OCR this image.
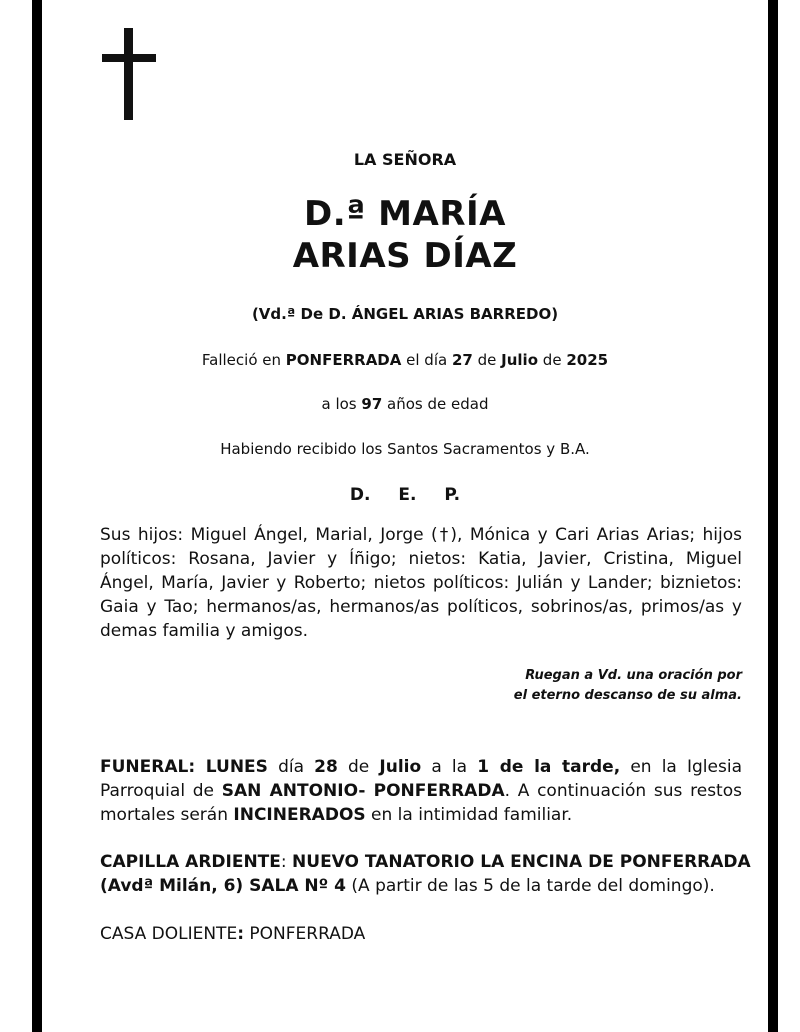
LA SEÑORA
D.ª MARÍA
ARIAS DÍAZ
(Vd.ª De D. ÁNGEL ARIAS BARREDO)
Falleció en PONFERRADA el día 27 de Julio de 2025
a los 97 años de edad
Habiendo recibido los Santos Sacramentos y B.A.
D. E. P.
Sus hijos: Miguel Ángel, Marial, Jorge (†), Mónica y Cari Arias Arias; hijos políticos: Rosana, Javier y Íñigo; nietos: Katia, Javier, Cristina, Miguel Ángel, María, Javier y Roberto; nietos políticos: Julián y Lander; biznietos: Gaia y Tao; hermanos/as, hermanos/as políticos, sobrinos/as, primos/as y demas familia y amigos.
Ruegan a Vd. una oración por
el eterno descanso de su alma.
FUNERAL: LUNES día 28 de Julio a la 1 de la tarde, en la Iglesia Parroquial de SAN ANTONIO- PONFERRADA. A continuación sus restos mortales serán INCINERADOS en la intimidad familiar.
CAPILLA ARDIENTE: NUEVO TANATORIO LA ENCINA DE PONFERRADA (Avdª Milán, 6) SALA Nº 4 (A partir de las 5 de la tarde del domingo).
CASA DOLIENTE: PONFERRADA
